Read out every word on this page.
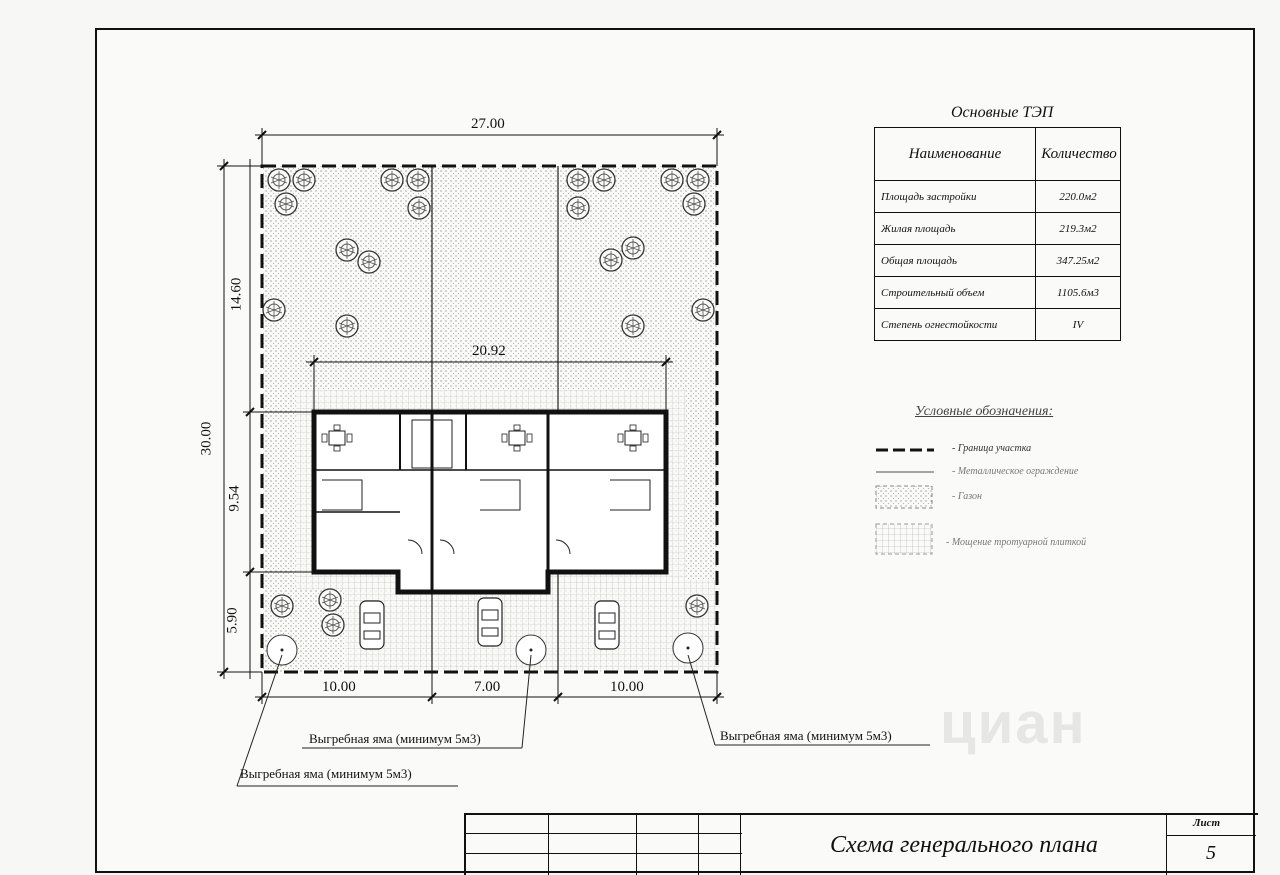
27.00
20.92
10.00	7.00	10.00
30.00
14.60
9.54
5.90
Основные ТЭП
Наименование	Количество
Площадь застройки	220.0м2
Жилая площадь	219.3м2
Общая площадь	347.25м2
Строительный объем	1105.6м3
Степень огнестойкости	IV
Условные обозначения:
- Граница участка
- Металлическое ограждение
- Газон
- Мощение тротуарной плиткой
Выгребная яма (минимум 5м3)
Выгребная яма (минимум 5м3)	Выгребная яма (минимум 5м3) циан
Схема генерального плана
Лист
5
